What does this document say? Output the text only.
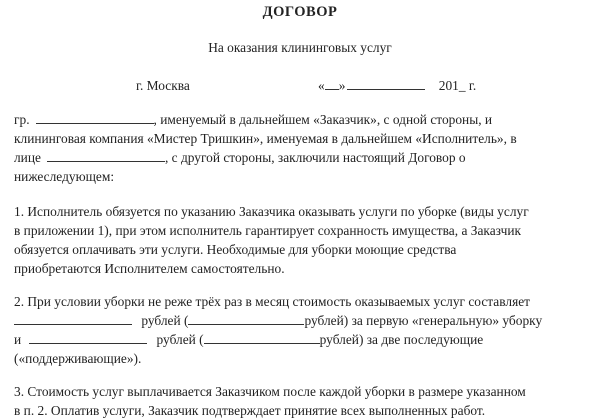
ДОГОВОР
На оказания клининговых услуг
г. Москва	« »	201_ г.
гр.	, именуемый в дальнейшем «Заказчик», с одной стороны, и
клининговая компания «Мистер Тришкин», именуемая в дальнейшем «Исполнитель», в
лице	, с другой стороны, заключили настоящий Договор о
нижеследующем:
1. Исполнитель обязуется по указанию Заказчика оказывать услуги по уборке (виды услуг
в приложении 1), при этом исполнитель гарантирует сохранность имущества, а Заказчик
обязуется оплачивать эти услуги. Необходимые для уборки моющие средства
приобретаются Исполнителем самостоятельно.
2. При условии уборки не реже трёх раз в месяц стоимость оказываемых услуг составляет
рублей (	рублей) за первую «генеральную» уборку
и	рублей (	рублей) за две последующие
(«поддерживающие»).
3. Стоимость услуг выплачивается Заказчиком после каждой уборки в размере указанном
в п. 2. Оплатив услуги, Заказчик подтверждает принятие всех выполненных работ.
